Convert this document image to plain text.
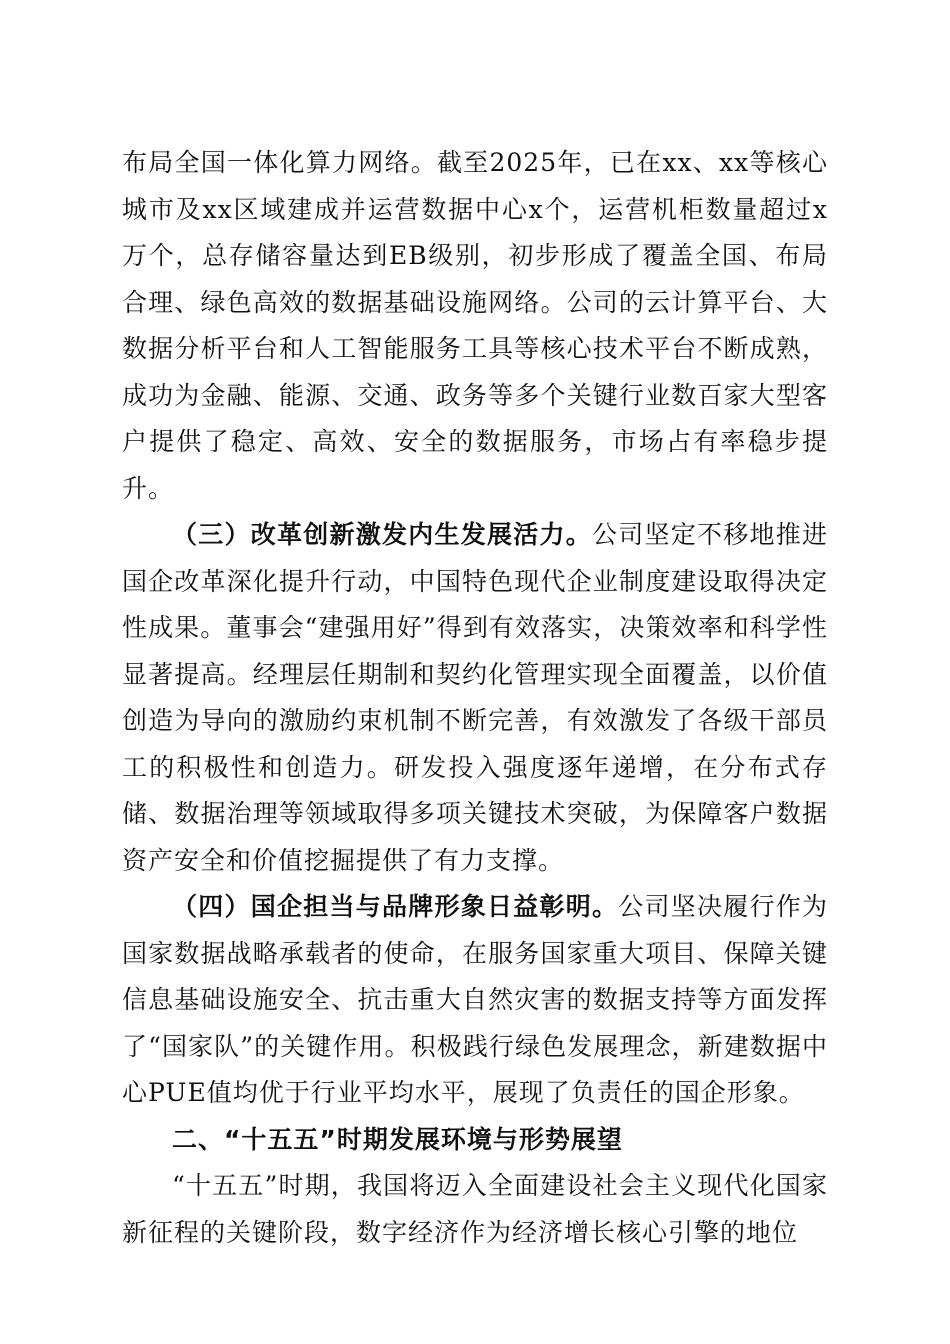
布局全国一体化算力网络。截至2025年，已在xx、xx等核心城市及xx区域建成并运营数据中心x个，运营机柜数量超过x万个，总存储容量达到EB级别，初步形成了覆盖全国、布局合理、绿色高效的数据基础设施网络。公司的云计算平台、大数据分析平台和人工智能服务工具等核心技术平台不断成熟，成功为金融、能源、交通、政务等多个关键行业数百家大型客户提供了稳定、高效、安全的数据服务，市场占有率稳步提升。

（三）改革创新激发内生发展活力。公司坚定不移地推进国企改革深化提升行动，中国特色现代企业制度建设取得决定性成果。董事会“建强用好”得到有效落实，决策效率和科学性显著提高。经理层任期制和契约化管理实现全面覆盖，以价值创造为导向的激励约束机制不断完善，有效激发了各级干部员工的积极性和创造力。研发投入强度逐年递增，在分布式存储、数据治理等领域取得多项关键技术突破，为保障客户数据资产安全和价值挖掘提供了有力支撑。

（四）国企担当与品牌形象日益彰明。公司坚决履行作为国家数据战略承载者的使命，在服务国家重大项目、保障关键信息基础设施安全、抗击重大自然灾害的数据支持等方面发挥了“国家队”的关键作用。积极践行绿色发展理念，新建数据中心PUE值均优于行业平均水平，展现了负责任的国企形象。

二、“十五五”时期发展环境与形势展望

“十五五”时期，我国将迈入全面建设社会主义现代化国家新征程的关键阶段，数字经济作为经济增长核心引擎的地位
